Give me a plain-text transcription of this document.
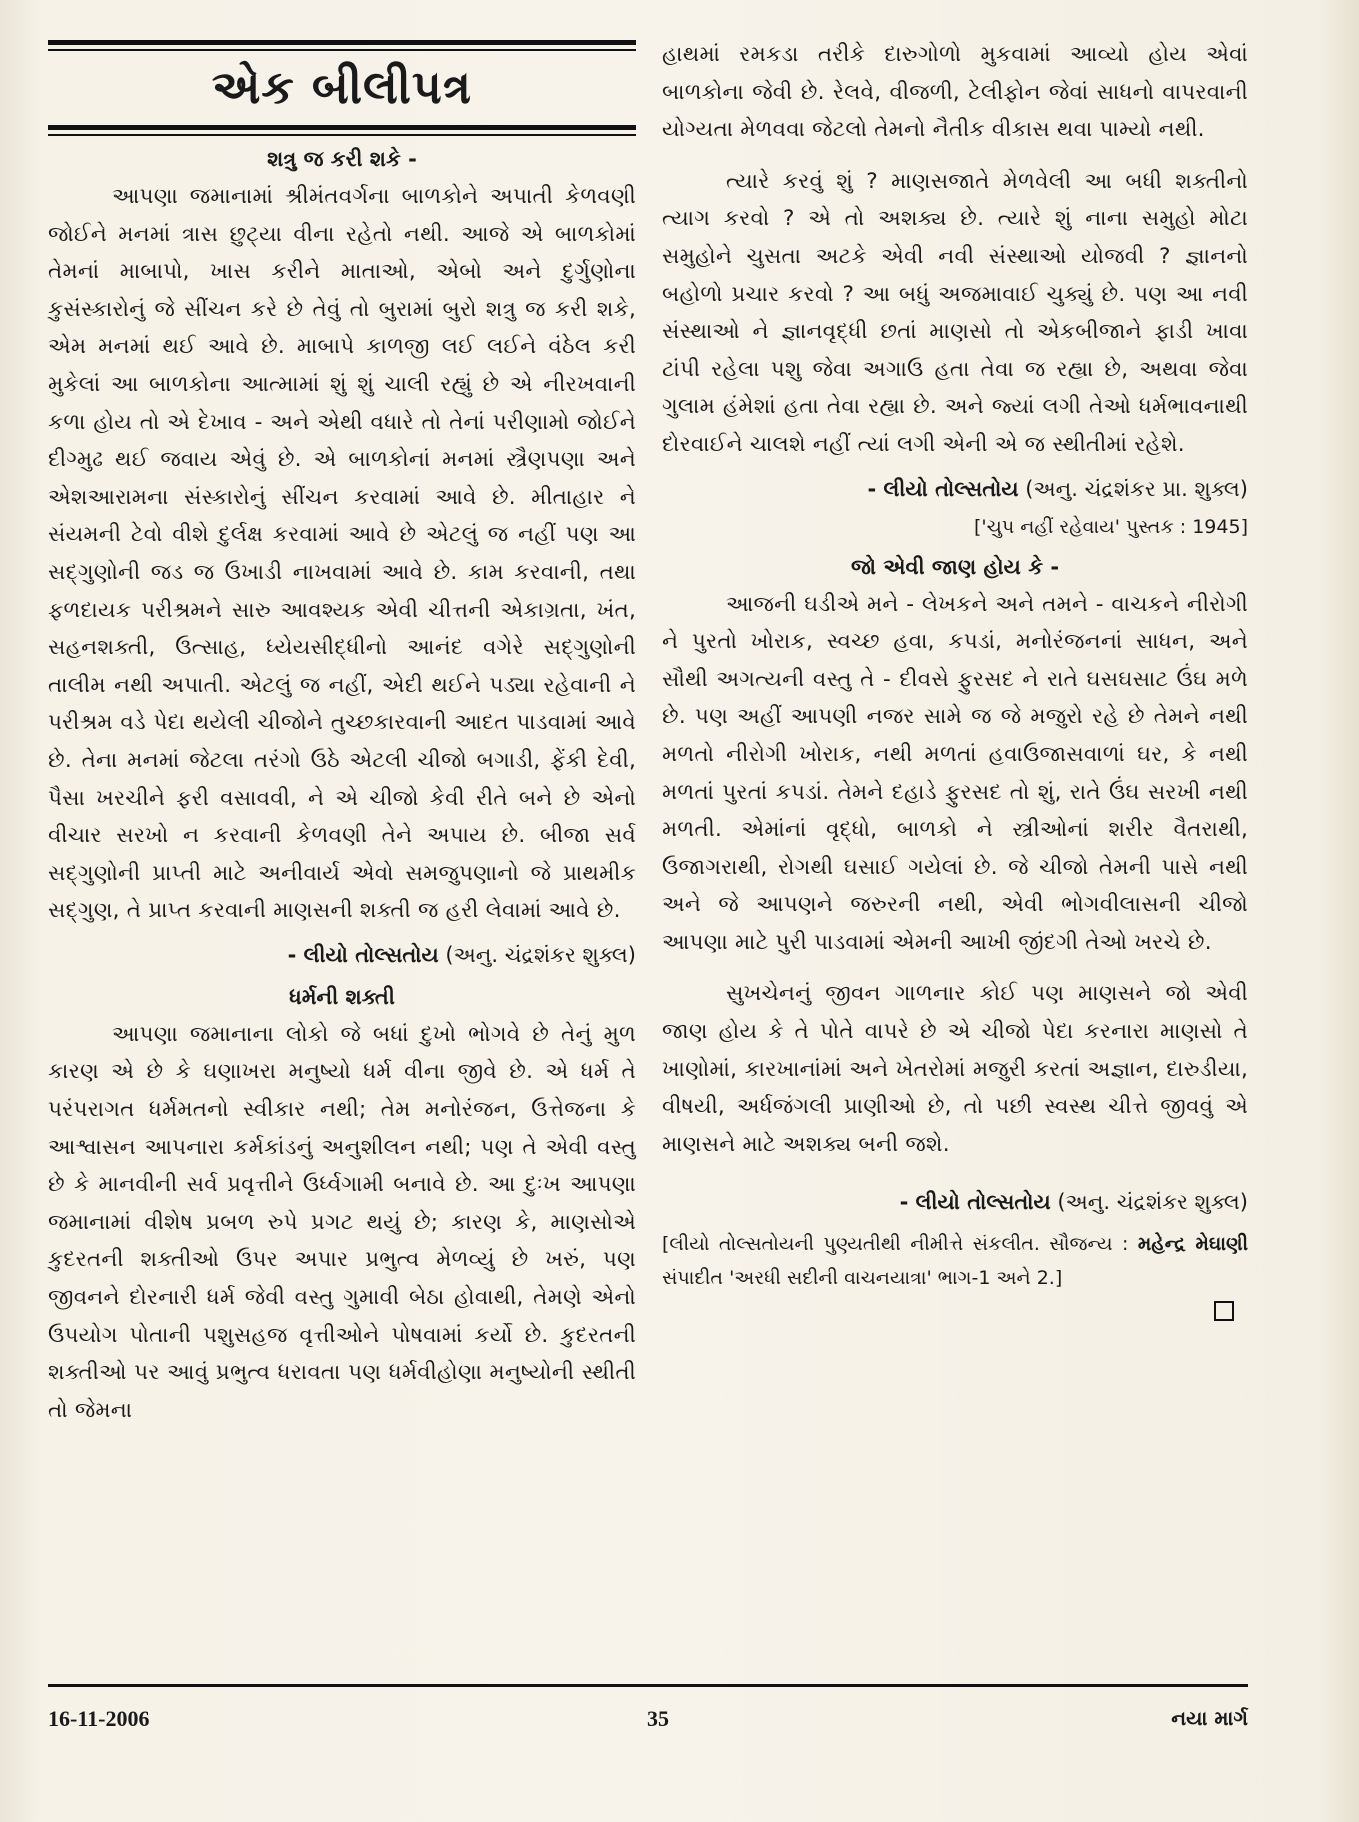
એક બીલીપત્ર
શત્રુ જ કરી શકે -

આપણા જમાનામાં શ્રીમંતવર્ગના બાળકોને અપાતી કેળવણી જોઈને મનમાં ત્રાસ છુટ્યા વીના રહેતો નથી. આજે એ બાળકોમાં તેમનાં માબાપો, ખાસ કરીને માતાઓ, એબો અને દુર્ગુણોના કુસંસ્કારોનું જે સીંચન કરે છે તેવું તો બુરામાં બુરો શત્રુ જ કરી શકે, એમ મનમાં થઈ આવે છે. માબાપે કાળજી લઈ લઈને વંઠેલ કરી મુકેલાં આ બાળકોના આત્મામાં શું શું ચાલી રહ્યું છે એ નીરખવાની કળા હોય તો એ દેખાવ - અને એથી વધારે તો તેનાં પરીણામો જોઈને દીગ્મુઢ થઈ જવાય એવું છે. એ બાળકોનાં મનમાં સ્ત્રૈણપણા અને એશઆરામના સંસ્કારોનું સીંચન કરવામાં આવે છે. મીતાહાર ને સંયમની ટેવો વીશે દુર્લક્ષ કરવામાં આવે છે એટલું જ નહીં પણ આ સદ્ગુણોની જડ જ ઉખાડી નાખવામાં આવે છે. કામ કરવાની, તથા ફળદાયક પરીશ્રમને સારુ આવશ્યક એવી ચીત્તની એકાગ્રતા, ખંત, સહનશક્તી, ઉત્સાહ, ધ્યેયસીદ્ધીનો આનંદ વગેરે સદ્ગુણોની તાલીમ નથી અપાતી. એટલું જ નહીં, એદી થઈને પડ્યા રહેવાની ને પરીશ્રમ વડે પેદા થયેલી ચીજોને તુચ્છકારવાની આદત પાડવામાં આવે છે. તેના મનમાં જેટલા તરંગો ઉઠે એટલી ચીજો બગાડી, ફેંકી દેવી, પૈસા ખરચીને ફરી વસાવવી, ને એ ચીજો કેવી રીતે બને છે એનો વીચાર સરખો ન કરવાની કેળવણી તેને અપાય છે. બીજા સર્વ સદ્ગુણોની પ્રાપ્તી માટે અનીવાર્ય એવો સમજુપણાનો જે પ્રાથમીક સદ્ગુણ, તે પ્રાપ્ત કરવાની માણસની શક્તી જ હરી લેવામાં આવે છે.

- લીયો તોલ્સતોય (અનુ. ચંદ્રશંકર શુક્લ)
ધર્મની શક્તી

આપણા જમાનાના લોકો જે બધાં દુખો ભોગવે છે તેનું મુળ કારણ એ છે કે ઘણાખરા મનુષ્યો ધર્મ વીના જીવે છે. એ ધર્મ તે પરંપરાગત ધર્મમતનો સ્વીકાર નથી; તેમ મનોરંજન, ઉત્તેજના કે આશ્વાસન આપનારા કર્મકાંડનું અનુશીલન નથી; પણ તે એવી વસ્તુ છે કે માનવીની સર્વ પ્રવૃત્તીને ઉર્ધ્વગામી બનાવે છે. આ દુઃખ આપણા જમાનામાં વીશેષ પ્રબળ રુપે પ્રગટ થયું છે; કારણ કે, માણસોએ કુદરતની શક્તીઓ ઉપર અપાર પ્રભુત્વ મેળવ્યું છે ખરું, પણ જીવનને દોરનારી ધર્મ જેવી વસ્તુ ગુમાવી બેઠા હોવાથી, તેમણે એનો ઉપયોગ પોતાની પશુસહજ વૃત્તીઓને પોષવામાં કર્યો છે. કુદરતની શક્તીઓ પર આવું પ્રભુત્વ ધરાવતા પણ ધર્મવીહોણા મનુષ્યોની સ્થીતી તો જેમના

હાથમાં રમકડા તરીકે દારુગોળો મુકવામાં આવ્યો હોય એવાં બાળકોના જેવી છે. રેલવે, વીજળી, ટેલીફોન જેવાં સાધનો વાપરવાની યોગ્યતા મેળવવા જેટલો તેમનો નૈતીક વીકાસ થવા પામ્યો નથી.

ત્યારે કરવું શું ? માણસજાતે મેળવેલી આ બધી શક્તીનો ત્યાગ કરવો ? એ તો અશક્ય છે. ત્યારે શું નાના સમુહો મોટા સમુહોને ચુસતા અટકે એવી નવી સંસ્થાઓ યોજવી ? જ્ઞાનનો બહોળો પ્રચાર કરવો ? આ બધું અજમાવાઈ ચુક્યું છે. પણ આ નવી સંસ્થાઓ ને જ્ઞાનવૃદ્ધી છતાં માણસો તો એકબીજાને ફાડી ખાવા ટાંપી રહેલા પશુ જેવા અગાઉ હતા તેવા જ રહ્યા છે, અથવા જેવા ગુલામ હંમેશાં હતા તેવા રહ્યા છે. અને જ્યાં લગી તેઓ ધર્મભાવનાથી દોરવાઈને ચાલશે નહીં ત્યાં લગી એની એ જ સ્થીતીમાં રહેશે.

- લીયો તોલ્સતોય (અનુ. ચંદ્રશંકર પ્રા. શુક્લ)
['ચુપ નહીં રહેવાય' પુસ્તક : 1945]
જો એવી જાણ હોય કે -

આજની ઘડીએ મને - લેખકને અને તમને - વાચકને નીરોગી ને પુરતો ખોરાક, સ્વચ્છ હવા, કપડાં, મનોરંજનનાં સાધન, અને સૌથી અગત્યની વસ્તુ તે - દીવસે ફુરસદ ને રાતે ઘસઘસાટ ઉંઘ મળે છે. પણ અહીં આપણી નજર સામે જ જે મજુરો રહે છે તેમને નથી મળતો નીરોગી ખોરાક, નથી મળતાં હવાઉજાસવાળાં ઘર, કે નથી મળતાં પુરતાં કપડાં. તેમને દહાડે ફુરસદ તો શું, રાતે ઉંઘ સરખી નથી મળતી. એમાંનાં વૃદ્ધો, બાળકો ને સ્ત્રીઓનાં શરીર વૈતરાથી, ઉજાગરાથી, રોગથી ઘસાઈ ગયેલાં છે. જે ચીજો તેમની પાસે નથી અને જે આપણને જરુરની નથી, એવી ભોગવીલાસની ચીજો આપણા માટે પુરી પાડવામાં એમની આખી જીંદગી તેઓ ખરચે છે.

સુખચેનનું જીવન ગાળનાર કોઈ પણ માણસને જો એવી જાણ હોય કે તે પોતે વાપરે છે એ ચીજો પેદા કરનારા માણસો તે ખાણોમાં, કારખાનાંમાં અને ખેતરોમાં મજુરી કરતાં અજ્ઞાન, દારુડીયા, વીષયી, અર્ધજંગલી પ્રાણીઓ છે, તો પછી સ્વસ્થ ચીત્તે જીવવું એ માણસને માટે અશક્ય બની જશે.

- લીયો તોલ્સતોય (અનુ. ચંદ્રશંકર શુક્લ)
[લીયો તોલ્સતોયની પુણ્યતીથી નીમીત્તે સંકલીત. સૌજન્ય : મહેન્દ્ર મેઘાણી સંપાદીત 'અરધી સદીની વાચનયાત્રા' ભાગ-1 અને 2.]
16-11-2006	35	નયા માર્ગ
